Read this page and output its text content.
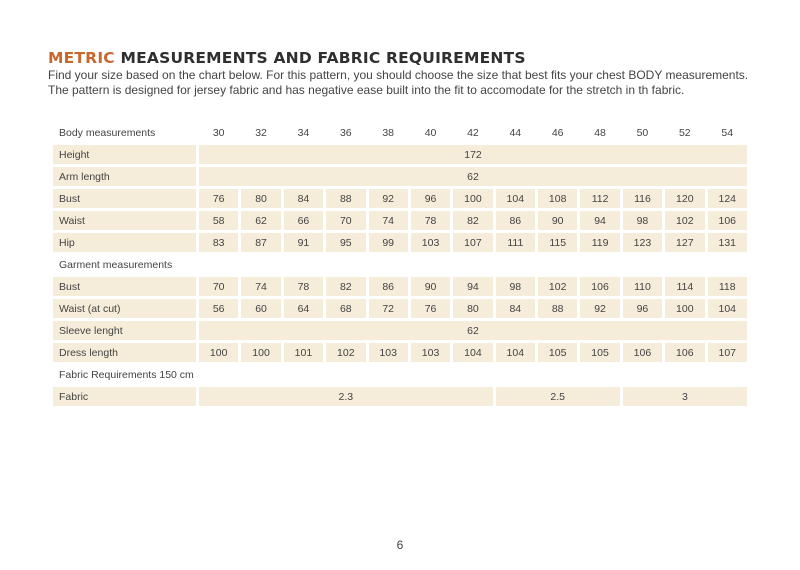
METRIC MEASUREMENTS AND FABRIC REQUIREMENTS

Find your size based on the chart below. For this pattern, you should choose the size that best fits your chest BODY measurements.

The pattern is designed for jersey fabric and has negative ease built into the fit to accomodate for the stretch in th fabric.

Body measurements	30	32	34	36	38	40	42	44	46	48	50	52	54
Height	172												
Arm length	62												
Bust	76	80	84	88	92	96	100	104	108	112	116	120	124
Waist	58	62	66	70	74	78	82	86	90	94	98	102	106
Hip	83	87	91	95	99	103	107	111	115	119	123	127	131
Garment measurements													
Bust	70	74	78	82	86	90	94	98	102	106	110	114	118
Waist (at cut)	56	60	64	68	72	76	80	84	88	92	96	100	104
Sleeve lenght	62												
Dress length	100	100	101	102	103	103	104	104	105	105	106	106	107
Fabric Requirements 150 cm													
Fabric	2.3							2.5			3		
6
